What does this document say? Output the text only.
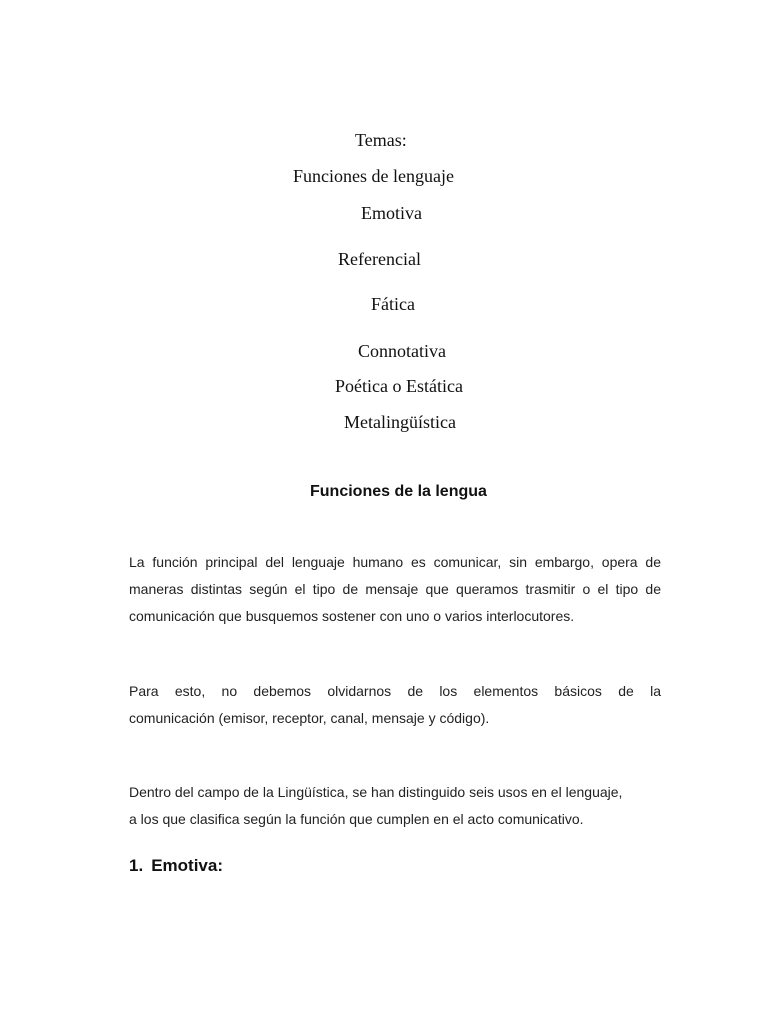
Temas:
Funciones de lenguaje
Emotiva
Referencial
Fática
Connotativa
Poética o Estática
Metalingüística
Funciones de la lengua
La función principal del lenguaje humano es comunicar, sin embargo, opera de
maneras distintas según el tipo de mensaje que queramos trasmitir o el tipo de
comunicación que busquemos sostener con uno o varios interlocutores.
Para esto, no debemos olvidarnos de los elementos básicos de la
comunicación (emisor, receptor, canal, mensaje y código).
Dentro del campo de la Lingüística, se han distinguido seis usos en el lenguaje,
a los que clasifica según la función que cumplen en el acto comunicativo.
1. Emotiva:
